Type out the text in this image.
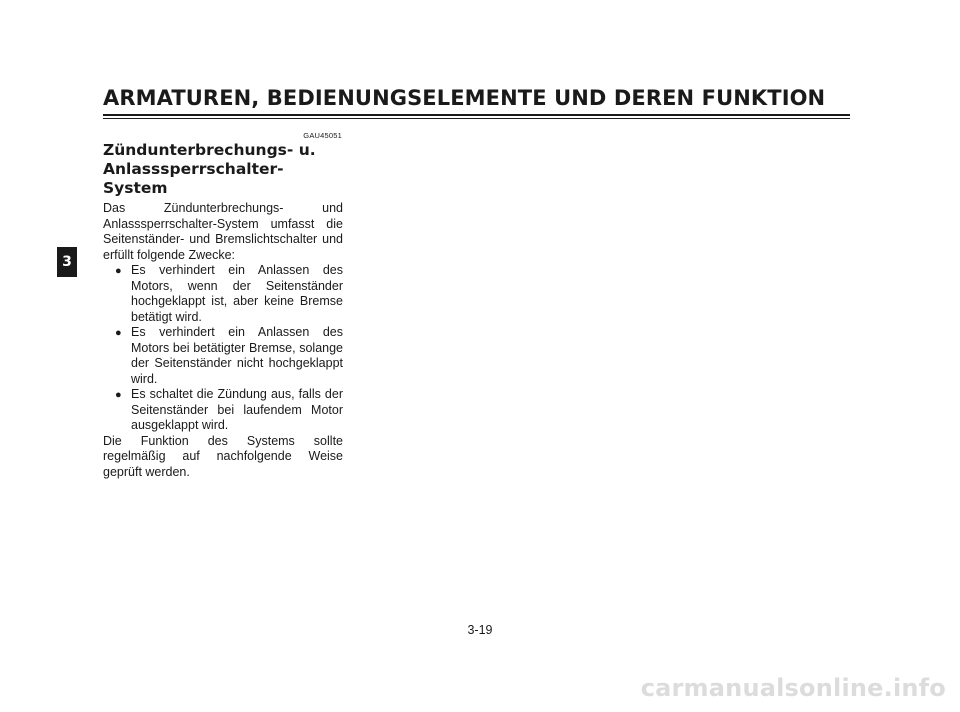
ARMATUREN, BEDIENUNGSELEMENTE UND DEREN FUNKTION
3
GAU45051
Zündunterbrechungs- u.
Anlasssperrschalter-System

Das Zündunterbrechungs- und Anlasssperrschalter-System umfasst die Seitenständer- und Bremslichtschalter und erfüllt folgende Zwecke:

● Es verhindert ein Anlassen des Motors, wenn der Seitenständer hochgeklappt ist, aber keine Bremse betätigt wird.
● Es verhindert ein Anlassen des Motors bei betätigter Bremse, solange der Seitenständer nicht hochgeklappt wird.
● Es schaltet die Zündung aus, falls der Seitenständer bei laufendem Motor ausgeklappt wird.

Die Funktion des Systems sollte regelmäßig auf nachfolgende Weise geprüft werden.

3-19
carmanualsonline.info
